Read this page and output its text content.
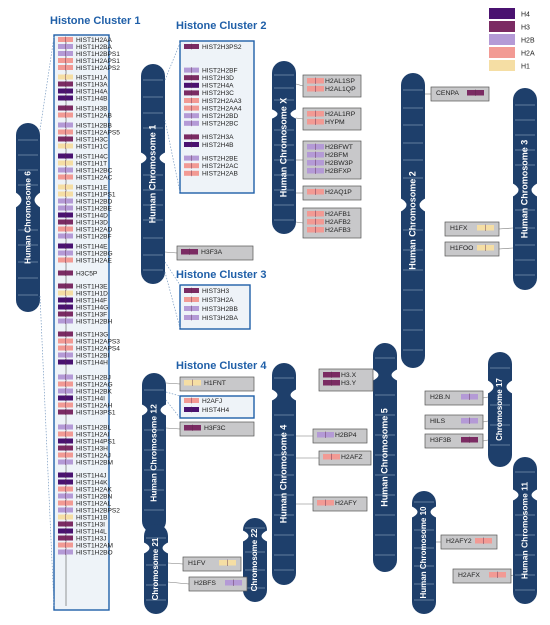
H4
H3
H2B
H2A
H1
Human Chromosome 6	Human Chromosome 1	Human Chromosome X
Human Chromosome 2	Human Chromosome 3
Human Chromosome 12	Human Chromosome 4	Human Chromosome 5	Chromosome 17
Human Chromosome 10	Human Chromosome 11
Chromosome 21	Chromosome 22
HIST1H2AA
HIST1H2BA
HIST1H2BPS1
HIST1H2APS1
HIST1H2APS2
HIST1H1A
HIST1H3A
HIST1H4A
HIST1H4B
HIST1H3B
HIST1H2AB
HIST1H2BB
HIST1H2APS5
HIST1H3C
HIST1H1C
HIST1H4C
HIST1H1T
HIST1H2BC
HIST1H2AC
HIST1H1E
HIST1H1PS1
HIST1H2BD
HIST1H2BE
HIST1H4D
HIST1H3D
HIST1H2AD
HIST1H2BF
HIST1H4E
HIST1H2BG
HIST1H2AE
H3C5P
HIST1H3E
HIST1H1D
HIST1H4F
HIST1H4G
HIST1H3F
HIST1H2BH
HIST1H3G
HIST1H2APS3
HIST1H2APS4
HIST1H2BI
HIST1H4H
HIST1H2BJ
HIST1H2AG
HIST1H2BK
HIST1H4I
HIST1H2AH
HIST1H3PS1
HIST1H2BL
HIST1H2AI
HIST1H4PS1
HIST1H3H
HIST1H2AJ
HIST1H2BM
HIST1H4J
HIST1H4K
HIST1H2AK
HIST1H2BN
HIST1H2AL
HIST1H2BPS2
HIST1H1B
HIST1H3I
HIST1H4L
HIST1H3J
HIST1H2AM
HIST1H2BO
HIST2H3PS2
HIST2H2BF
HIST2H3D
HIST2H4A
HIST2H3C
HIST2H2AA3
HIST2H2AA4
HIST2H2BD
HIST2H2BC
HIST2H3A
HIST2H4B
HIST2H2BE
HIST2H2AC
HIST2H2AB
HIST3H3
HIST3H2A
HIST3H2BB
HIST3H2BA
H2AFJ
HIST4H4
H3F3A
H2AL1SP
H2AL1QP
H2AL1RP
HYPM
H2BFWT
H2BFM
H2BW3P
H2BFXP
H2AQ1P
H2AFB1
H2AFB2
H2AFB3
CENPA
H1FX
H1FOO
H1FNT
H3F3C
H3.X
H3.Y
H2BP4
H2AFZ
H2AFY
H2B.N
HILS
H3F3B
H2AFY2
H2AFX
H1FV
H2BFS
Histone Cluster 1	Histone Cluster 2
Histone Cluster 3
Histone Cluster 4
